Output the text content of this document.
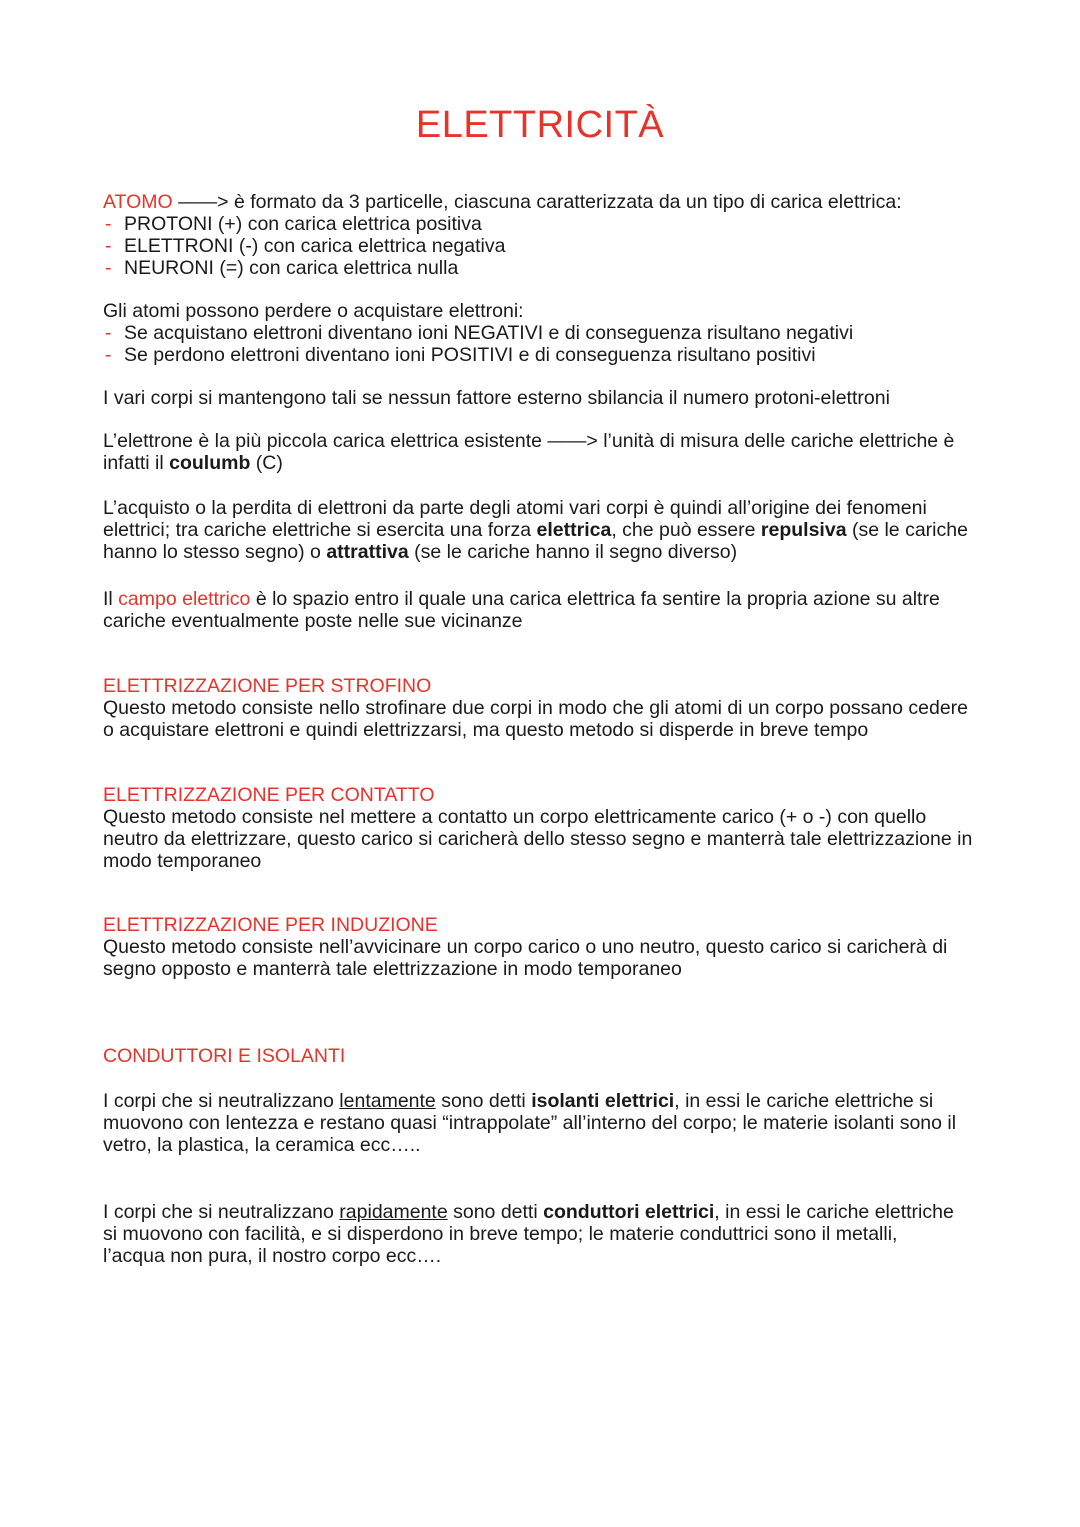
ELETTRICITÀ

ATOMO ——> è formato da 3 particelle, ciascuna caratterizzata da un tipo di carica elettrica:

- PROTONI (+) con carica elettrica positiva
- ELETTRONI (-) con carica elettrica negativa
- NEURONI (=) con carica elettrica nulla

Gli atomi possono perdere o acquistare elettroni:

- Se acquistano elettroni diventano ioni NEGATIVI e di conseguenza risultano negativi
- Se perdono elettroni diventano ioni POSITIVI e di conseguenza risultano positivi
I vari corpi si mantengono tali se nessun fattore esterno sbilancia il numero protoni-elettroni
L’elettrone è la più piccola carica elettrica esistente ——> l’unità di misura delle cariche elettriche è infatti il coulumb (C)
L’acquisto o la perdita di elettroni da parte degli atomi vari corpi è quindi all’origine dei fenomeni elettrici; tra cariche elettriche si esercita una forza elettrica, che può essere repulsiva (se le cariche hanno lo stesso segno) o attrattiva (se le cariche hanno il segno diverso)
Il campo elettrico è lo spazio entro il quale una carica elettrica fa sentire la propria azione su altre cariche eventualmente poste nelle sue vicinanze

ELETTRIZZAZIONE PER STROFINO

Questo metodo consiste nello strofinare due corpi in modo che gli atomi di un corpo possano cedere o acquistare elettroni e quindi elettrizzarsi, ma questo metodo si disperde in breve tempo

ELETTRIZZAZIONE PER CONTATTO

Questo metodo consiste nel mettere a contatto un corpo elettricamente carico (+ o -) con quello neutro da elettrizzare, questo carico si caricherà dello stesso segno e manterrà tale elettrizzazione in modo temporaneo

ELETTRIZZAZIONE PER INDUZIONE

Questo metodo consiste nell’avvicinare un corpo carico o uno neutro, questo carico si caricherà di segno opposto e manterrà tale elettrizzazione in modo temporaneo

CONDUTTORI E ISOLANTI

I corpi che si neutralizzano lentamente sono detti isolanti elettrici, in essi le cariche elettriche si muovono con lentezza e restano quasi “intrappolate” all’interno del corpo; le materie isolanti sono il vetro, la plastica, la ceramica ecc…..
I corpi che si neutralizzano rapidamente sono detti conduttori elettrici, in essi le cariche elettriche si muovono con facilità, e si disperdono in breve tempo; le materie conduttrici sono il metalli, l’acqua non pura, il nostro corpo ecc….
